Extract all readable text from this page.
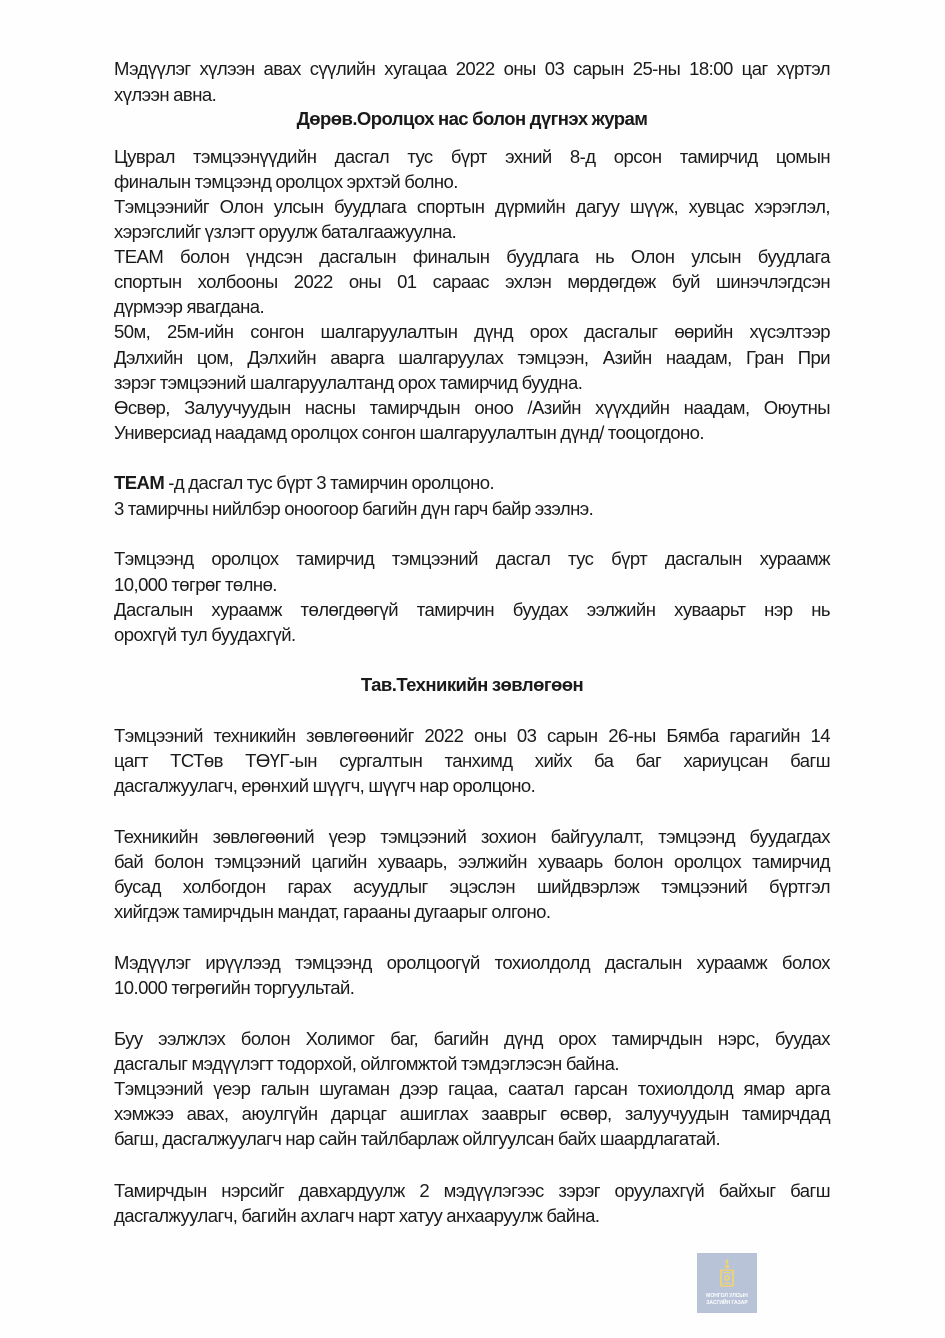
Мэдүүлэг хүлээн авах сүүлийн хугацаа 2022 оны 03 сарын 25-ны 18:00 цаг хүртэл
хүлээн авна.
Дөрөв.Оролцох нас болон дүгнэх журам
Цуврал тэмцээнүүдийн дасгал тус бүрт эхний 8-д орсон тамирчид цомын
финалын тэмцээнд оролцох эрхтэй болно.
Тэмцээнийг Олон улсын буудлага спортын дүрмийн дагуу шүүж, хувцас хэрэглэл,
хэрэгслийг үзлэгт оруулж баталгаажуулна.
TEAM болон үндсэн дасгалын финалын буудлага нь Олон улсын буудлага
спортын холбооны 2022 оны 01 сараас эхлэн мөрдөгдөж буй шинэчлэгдсэн
дүрмээр явагдана.
50м, 25м-ийн сонгон шалгаруулалтын дүнд орох дасгалыг өөрийн хүсэлтээр
Дэлхийн цом, Дэлхийн аварга шалгаруулах тэмцээн, Азийн наадам, Гран При
зэрэг тэмцээний шалгаруулалтанд орох тамирчид буудна.
Өсвөр, Залуучуудын насны тамирчдын оноо /Азийн хүүхдийн наадам, Оюутны
Универсиад наадамд оролцох сонгон шалгаруулалтын дүнд/ тооцогдоно.
TEAM -д дасгал тус бүрт 3 тамирчин оролцоно.
3 тамирчны нийлбэр оноогоор багийн дүн гарч байр эзэлнэ.
Тэмцээнд оролцох тамирчид тэмцээний дасгал тус бүрт дасгалын хураамж
10,000 төгрөг төлнө.
Дасгалын хураамж төлөгдөөгүй тамирчин буудах ээлжийн хуваарьт нэр нь
орохгүй тул буудахгүй.
Тав.Техникийн зөвлөгөөн
Тэмцээний техникийн зөвлөгөөнийг 2022 оны 03 сарын 26-ны Бямба гарагийн 14
цагт ТСТөв ТӨҮГ-ын сургалтын танхимд хийх ба баг хариуцсан багш
дасгалжуулагч, ерөнхий шүүгч, шүүгч нар оролцоно.
Техникийн зөвлөгөөний үеэр тэмцээний зохион байгуулалт, тэмцээнд буудагдах
бай болон тэмцээний цагийн хуваарь, ээлжийн хуваарь болон оролцох тамирчид
бусад холбогдон гарах асуудлыг эцэслэн шийдвэрлэж тэмцээний бүртгэл
хийгдэж тамирчдын мандат, гарааны дугаарыг олгоно.
Мэдүүлэг ирүүлээд тэмцээнд оролцоогүй тохиолдолд дасгалын хураамж болох
10.000 төгрөгийн торгуультай.
Буу ээлжлэх болон Холимог баг, багийн дүнд орох тамирчдын нэрс, буудах
дасгалыг мэдүүлэгт тодорхой, ойлгомжтой тэмдэглэсэн байна.
Тэмцээний үеэр галын шугаман дээр гацаа, саатал гарсан тохиолдолд ямар арга
хэмжээ авах, аюулгүйн дарцаг ашиглах зааврыг өсвөр, залуучуудын тамирчдад
багш, дасгалжуулагч нар сайн тайлбарлаж ойлгуулсан байх шаардлагатай.
Тамирчдын нэрсийг давхардуулж 2 мэдүүлэгээс зэрэг оруулахгүй байхыг багш
дасгалжуулагч, багийн ахлагч нарт хатуу анхааруулж байна.
МОНГОЛ УЛСЫН
ЗАСГИЙН ГАЗАР
